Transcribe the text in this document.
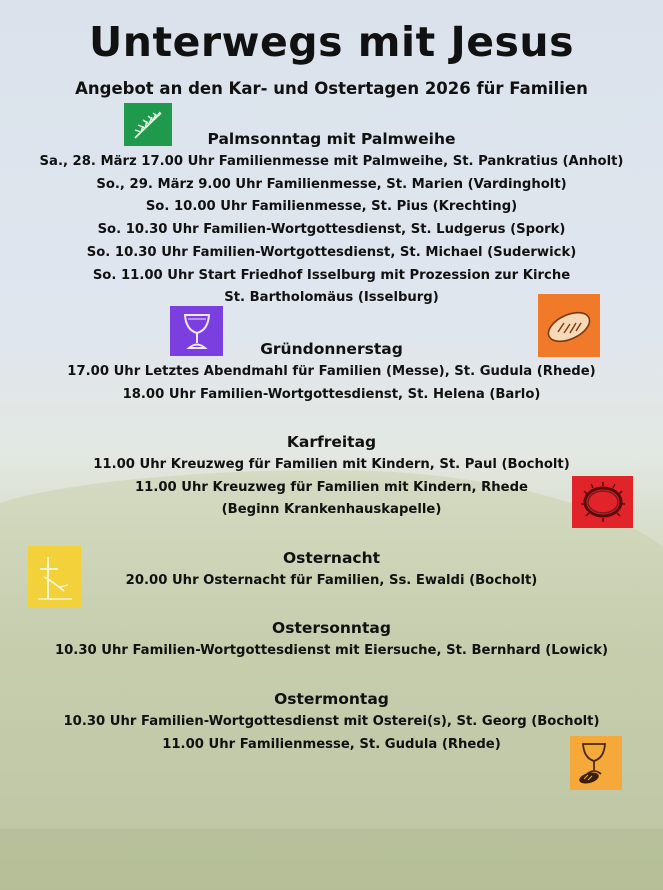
Unterwegs mit Jesus
Angebot an den Kar- und Ostertagen 2026 für Familien
Palmsonntag mit Palmweihe
Sa., 28. März 17.00 Uhr Familienmesse mit Palmweihe, St. Pankratius (Anholt)
So., 29. März 9.00 Uhr Familienmesse, St. Marien (Vardingholt)
So. 10.00 Uhr Familienmesse, St. Pius (Krechting)
So. 10.30 Uhr Familien-Wortgottesdienst, St. Ludgerus (Spork)
So. 10.30 Uhr Familien-Wortgottesdienst, St. Michael (Suderwick)
So. 11.00 Uhr Start Friedhof Isselburg mit Prozession zur Kirche
St. Bartholomäus (Isselburg)
Gründonnerstag
17.00 Uhr Letztes Abendmahl für Familien (Messe), St. Gudula (Rhede)
18.00 Uhr Familien-Wortgottesdienst, St. Helena (Barlo)
Karfreitag
11.00 Uhr Kreuzweg für Familien mit Kindern, St. Paul (Bocholt)
11.00 Uhr Kreuzweg für Familien mit Kindern, Rhede
(Beginn Krankenhauskapelle)
Osternacht
20.00 Uhr Osternacht für Familien, Ss. Ewaldi (Bocholt)
Ostersonntag
10.30 Uhr Familien-Wortgottesdienst mit Eiersuche, St. Bernhard (Lowick)
Ostermontag
10.30 Uhr Familien-Wortgottesdienst mit Osterei(s), St. Georg (Bocholt)
11.00 Uhr Familienmesse, St. Gudula (Rhede)
